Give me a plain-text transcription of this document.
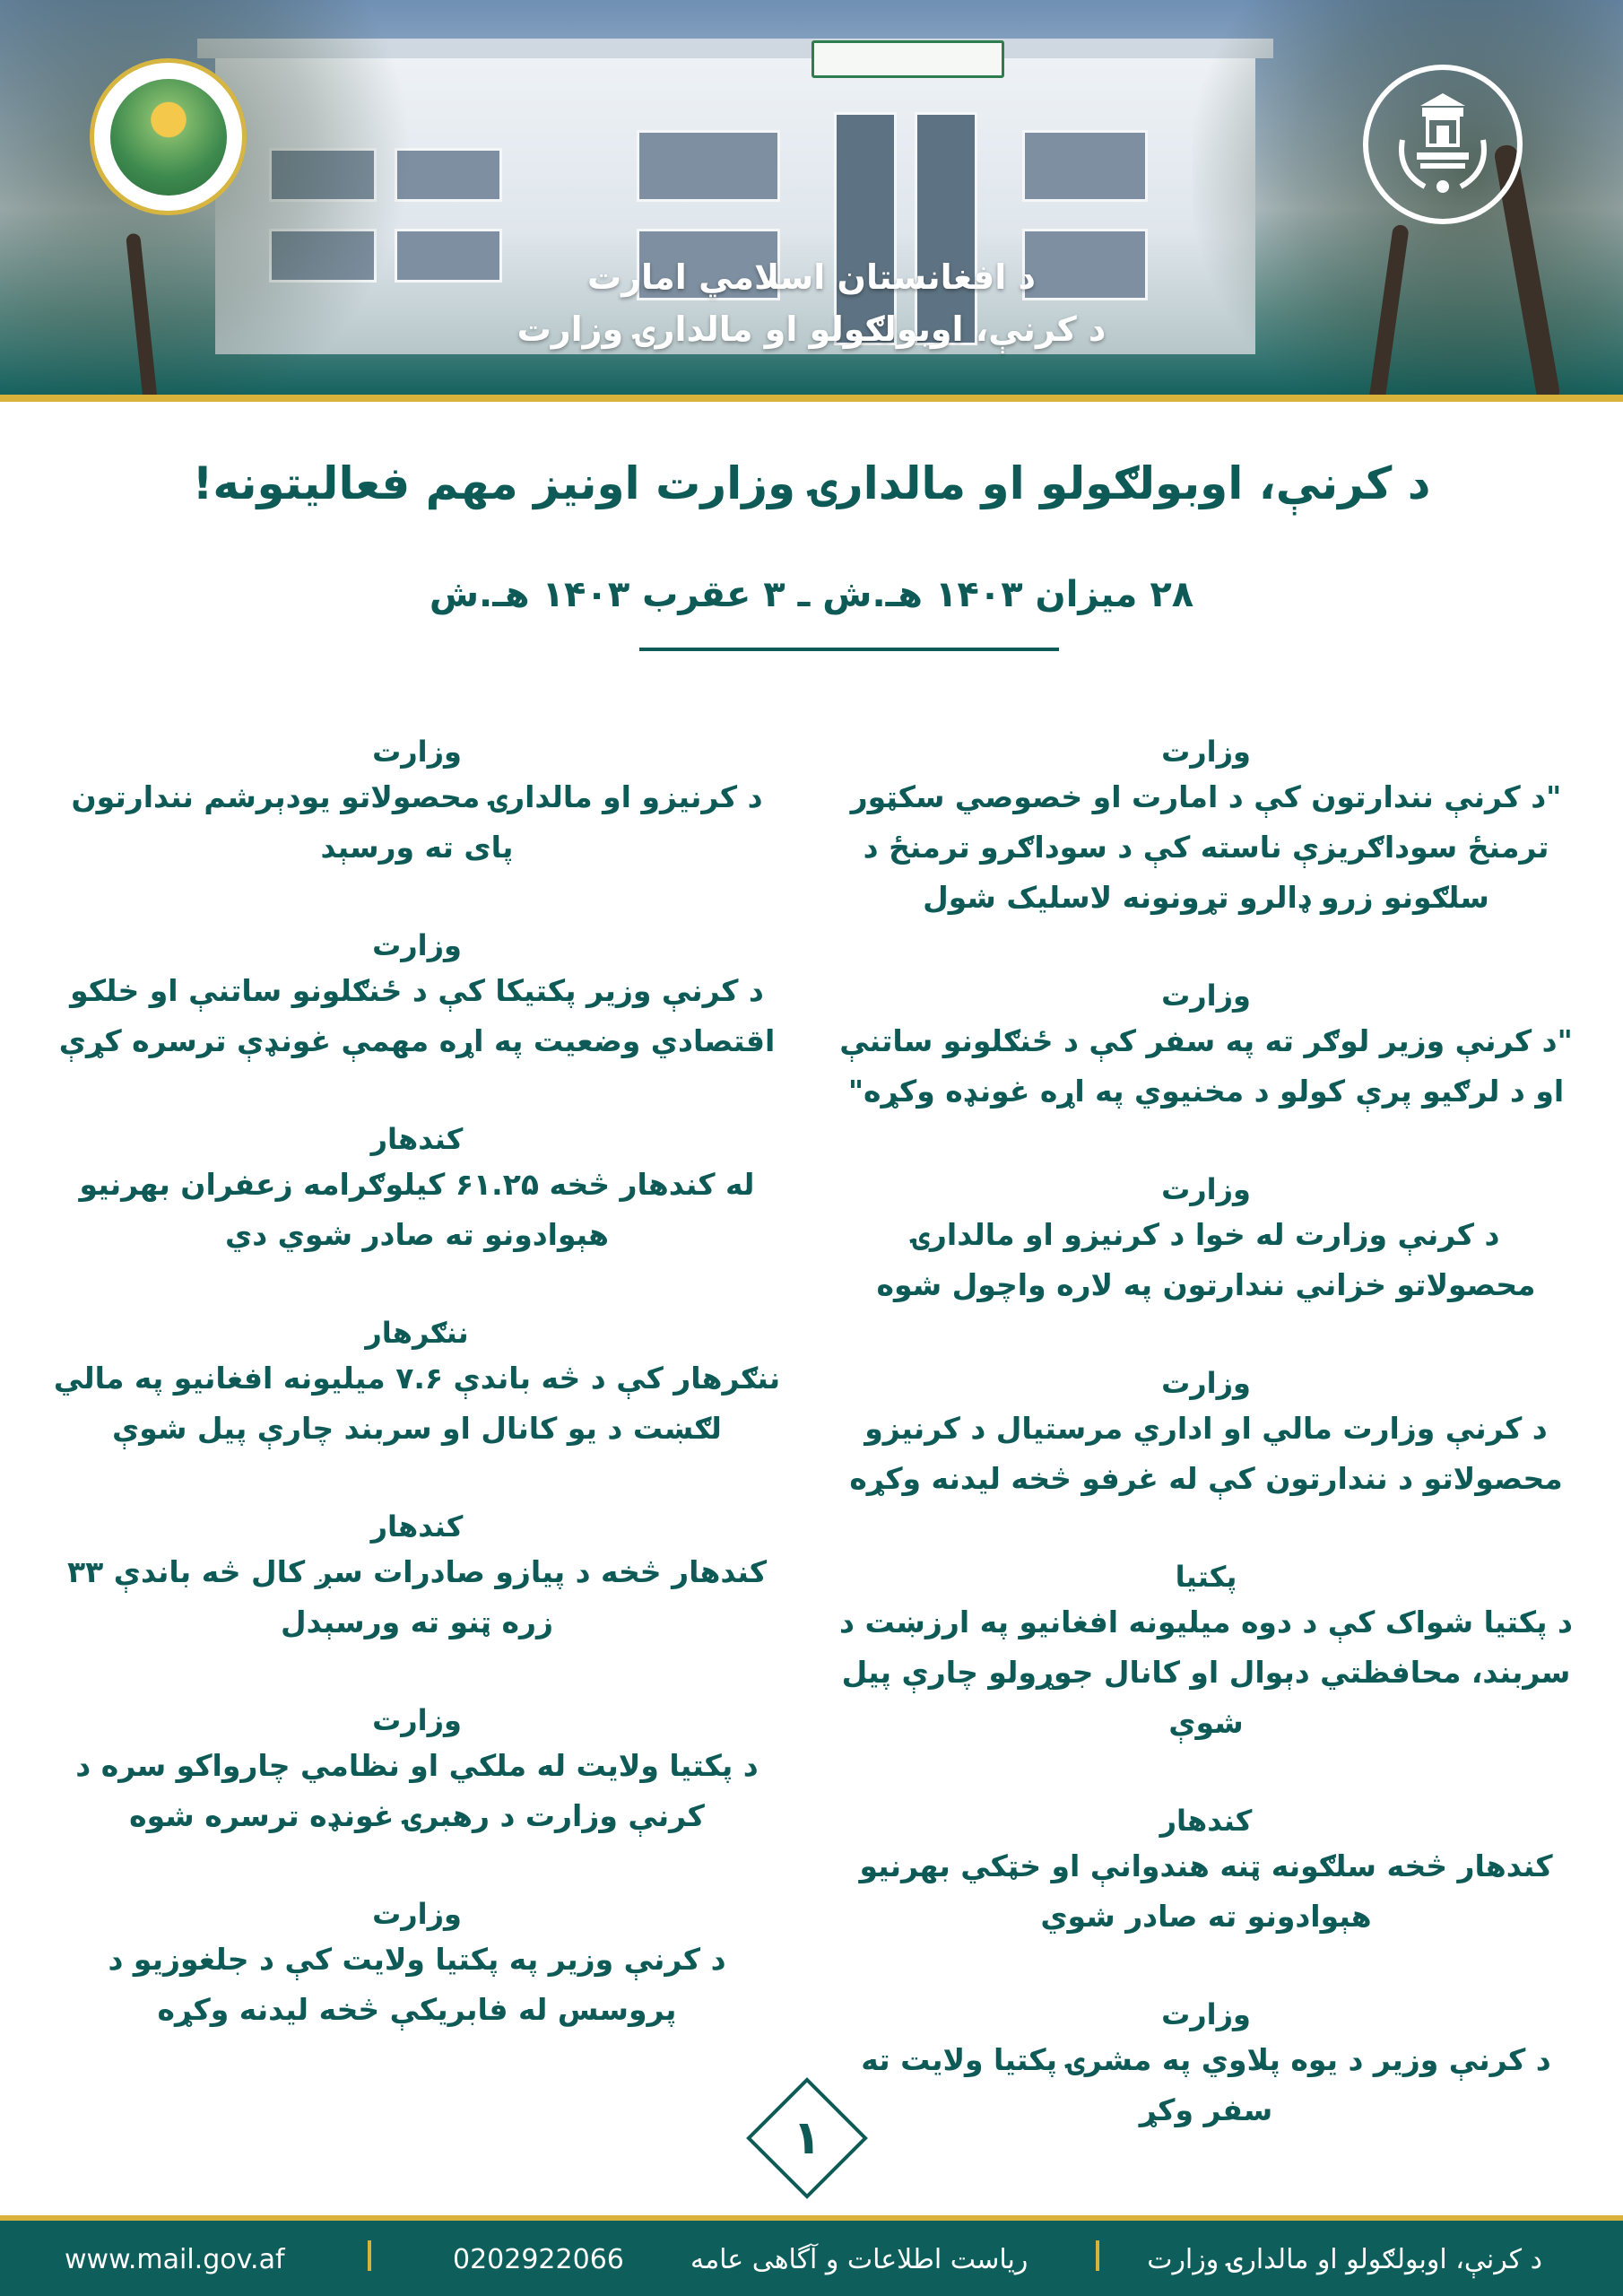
د افغانستان اسلامي امارت
د کرنې، اوبولګولو او مالدارۍ وزارت
د کرنې، اوبولګولو او مالدارۍ وزارت اونیز مهم فعالیتونه!
۲۸ میزان ۱۴۰۳ هـ.ش ـ ۳ عقرب ۱۴۰۳ هـ.ش
وزارت
"د کرنې نندارتون کې د امارت او خصوصي سکټور ترمنځ سوداګریزې ناسته کې د سوداګرو ترمنځ د سلګونو زرو ډالرو تړونونه لاسلیک شول
وزارت
"د کرنې وزیر لوګر ته په سفر کې د ځنګلونو ساتنې او د لرګیو پرې کولو د مخنیوي په اړه غونډه وکړه"
وزارت
د کرنې وزارت له خوا د کرنیزو او مالدارۍ محصولاتو خزاني نندارتون په لاره واچول شوه
وزارت
د کرنې وزارت مالي او اداري مرستیال د کرنیزو محصولاتو د نندارتون کې له غرفو څخه لیدنه وکړه
پکتیا
د پکتیا شواک کې د دوه میلیونه افغانیو په ارزښت د سربند، محافظتي دېوال او کانال جوړولو چارې پیل شوې
کندهار
کندهار څخه سلګونه ټنه هندوانې او خټکي بهرنیو هېوادونو ته صادر شوي
وزارت
د کرنې وزیر د یوه پلاوي په مشرۍ پکتیا ولایت ته سفر وکړ
وزارت
د کرنیزو او مالدارۍ محصولاتو یودېرشم نندارتون پای ته ورسېد
وزارت
د کرنې وزیر پکتیکا کې د ځنګلونو ساتنې او خلکو اقتصادي وضعیت په اړه مهمې غونډې ترسره کړې
کندهار
له کندهار څخه ۶۱.۲۵ کیلوګرامه زعفران بهرنیو هېوادونو ته صادر شوي دي
ننګرهار
ننګرهار کې د څه باندې ۷.۶ میلیونه افغانیو په مالي لګښت د یو کانال او سربند چارې پیل شوې
کندهار
کندهار څخه د پیازو صادرات سږ کال څه باندې ۳۳ زره ټنو ته ورسېدل
وزارت
د پکتیا ولایت له ملکي او نظامي چارواکو سره د کرنې وزارت د رهبرۍ غونډه ترسره شوه
وزارت
د کرنې وزیر په پکتیا ولایت کې د جلغوزیو د پروسس له فابریکې څخه لیدنه وکړه
۱
د کرنې، اوبولګولو او مالدارۍ وزارت
ریاست اطلاعات و آگاهی عامه
0202922066
www.mail.gov.af
